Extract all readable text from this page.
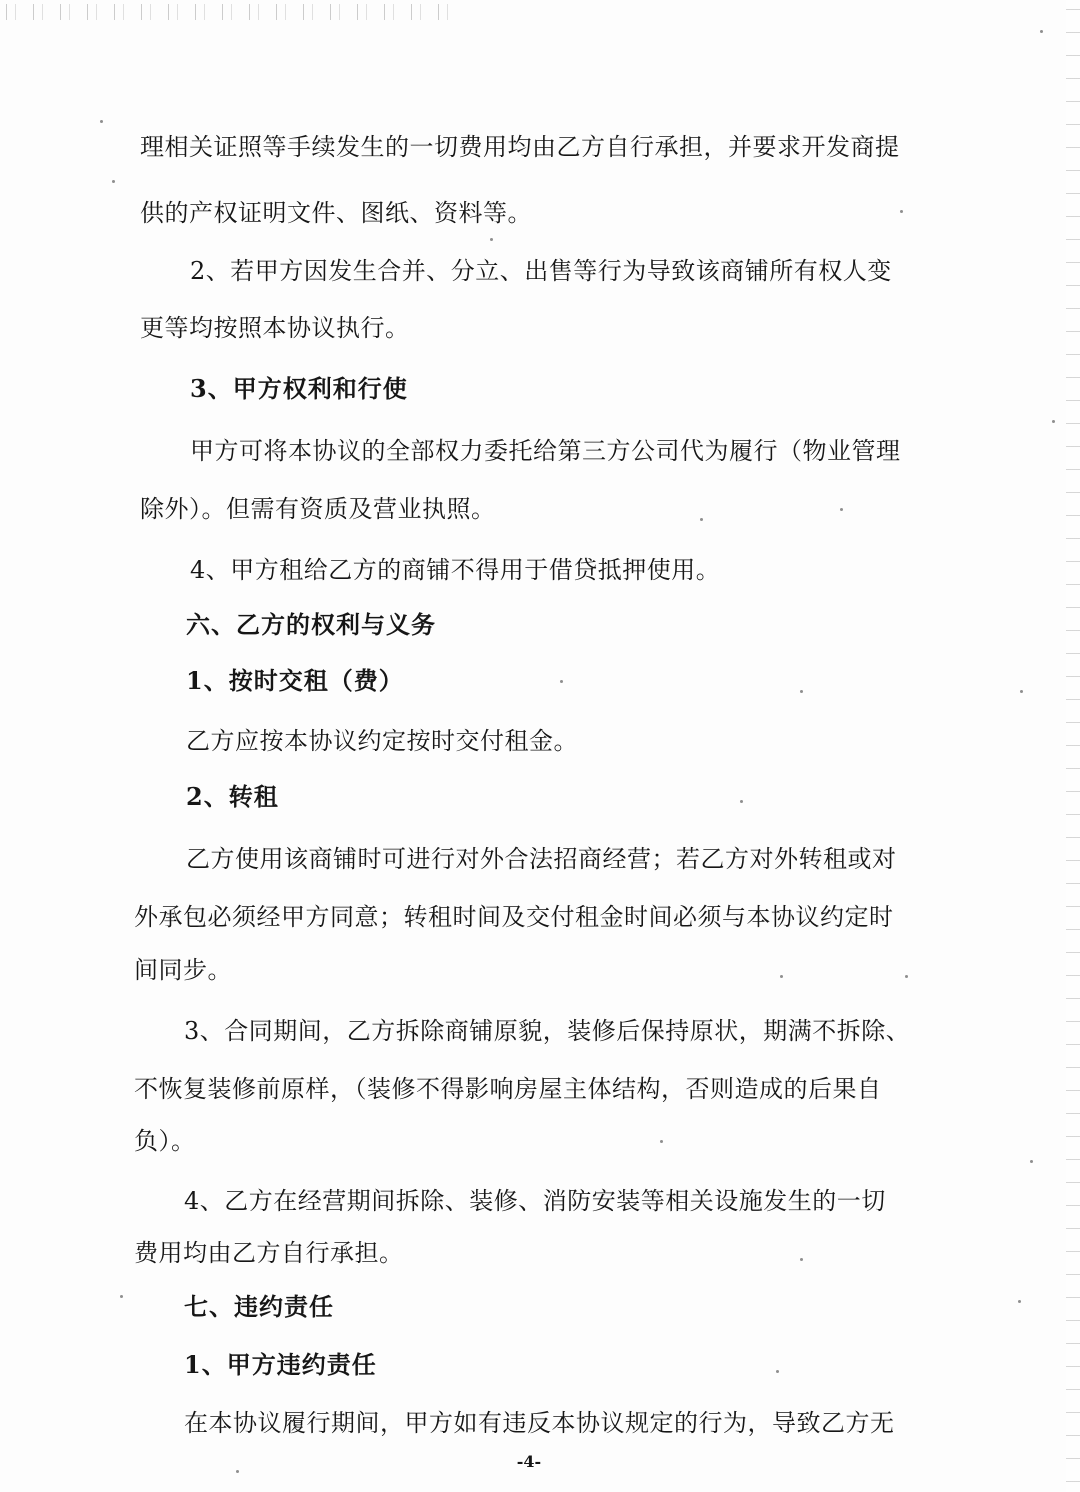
理相关证照等手续发生的一切费用均由乙方自行承担，并要求开发商提

供的产权证明文件、图纸、资料等。

2、若甲方因发生合并、分立、出售等行为导致该商铺所有权人变

更等均按照本协议执行。

3、甲方权利和行使

甲方可将本协议的全部权力委托给第三方公司代为履行（物业管理

除外）。但需有资质及营业执照。

4、甲方租给乙方的商铺不得用于借贷抵押使用。

六、乙方的权利与义务

1、按时交租（费）

乙方应按本协议约定按时交付租金。

2、转租

乙方使用该商铺时可进行对外合法招商经营；若乙方对外转租或对

外承包必须经甲方同意；转租时间及交付租金时间必须与本协议约定时

间同步。

3、合同期间，乙方拆除商铺原貌，装修后保持原状，期满不拆除、

不恢复装修前原样，（装修不得影响房屋主体结构，否则造成的后果自

负）。

4、乙方在经营期间拆除、装修、消防安装等相关设施发生的一切

费用均由乙方自行承担。

七、违约责任

1、甲方违约责任

在本协议履行期间，甲方如有违反本协议规定的行为，导致乙方无

-4-
